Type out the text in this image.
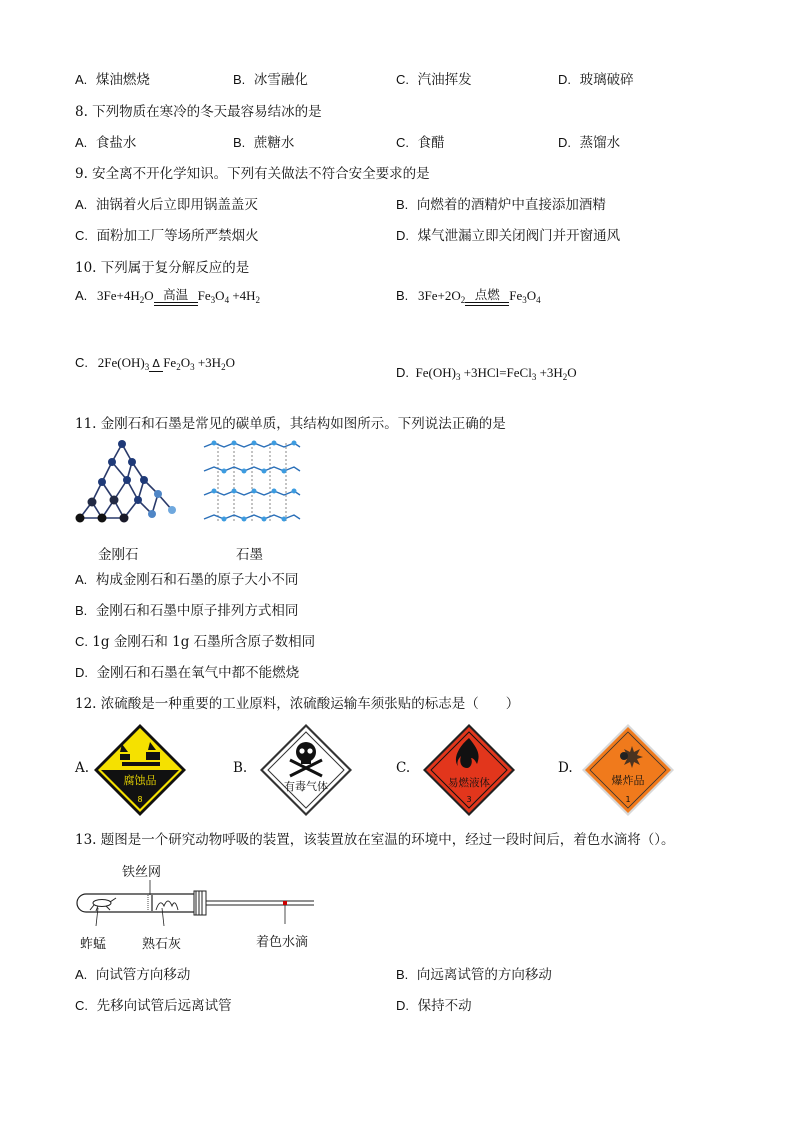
A. 煤油燃烧	B. 冰雪融化	C. 汽油挥发	D. 玻璃破碎
8. 下列物质在寒冷的冬天最容易结冰的是
A. 食盐水	B. 蔗糖水	C. 食醋	D. 蒸馏水
9. 安全离不开化学知识。下列有关做法不符合安全要求的是
A. 油锅着火后立即用锅盖盖灭	B. 向燃着的酒精炉中直接添加酒精
C. 面粉加工厂等场所严禁烟火	D. 煤气泄漏立即关闭阀门并开窗通风
10. 下列属于复分解反应的是
A.   $3Fe+4H_2O$ 高温 $Fe_3O_4 +4H_2$	B.   $3Fe+2O_2$ 点燃 $Fe_3O_4$
C.   $2Fe(OH)_3$ Δ $Fe_2O_3 +3H_2O$
D.  $Fe(OH)_3$ +3HCl=FeCl$_3$ $+3H_2O$
11. 金刚石和石墨是常见的碳单质，其结构如图所示。下列说法正确的是
金刚石	石墨
A. 构成金刚石和石墨的原子大小不同
B. 金刚石和石墨中原子排列方式相同
C. 1g 金刚石和 1g 石墨所含原子数相同
D. 金刚石和石墨在氧气中都不能燃烧
12. 浓硫酸是一种重要的工业原料，浓硫酸运输车须张贴的标志是（　　）
A.
腐蚀品
8
B.
有毒气体
C.
易燃液体
3
D.
爆炸品
1
13. 题图是一个研究动物呼吸的装置，该装置放在室温的环境中，经过一段时间后，着色水滴将（）。
铁丝网
蚱蜢	熟石灰	着色水滴
A. 向试管方向移动	B. 向远离试管的方向移动
C. 先移向试管后远离试管	D. 保持不动
